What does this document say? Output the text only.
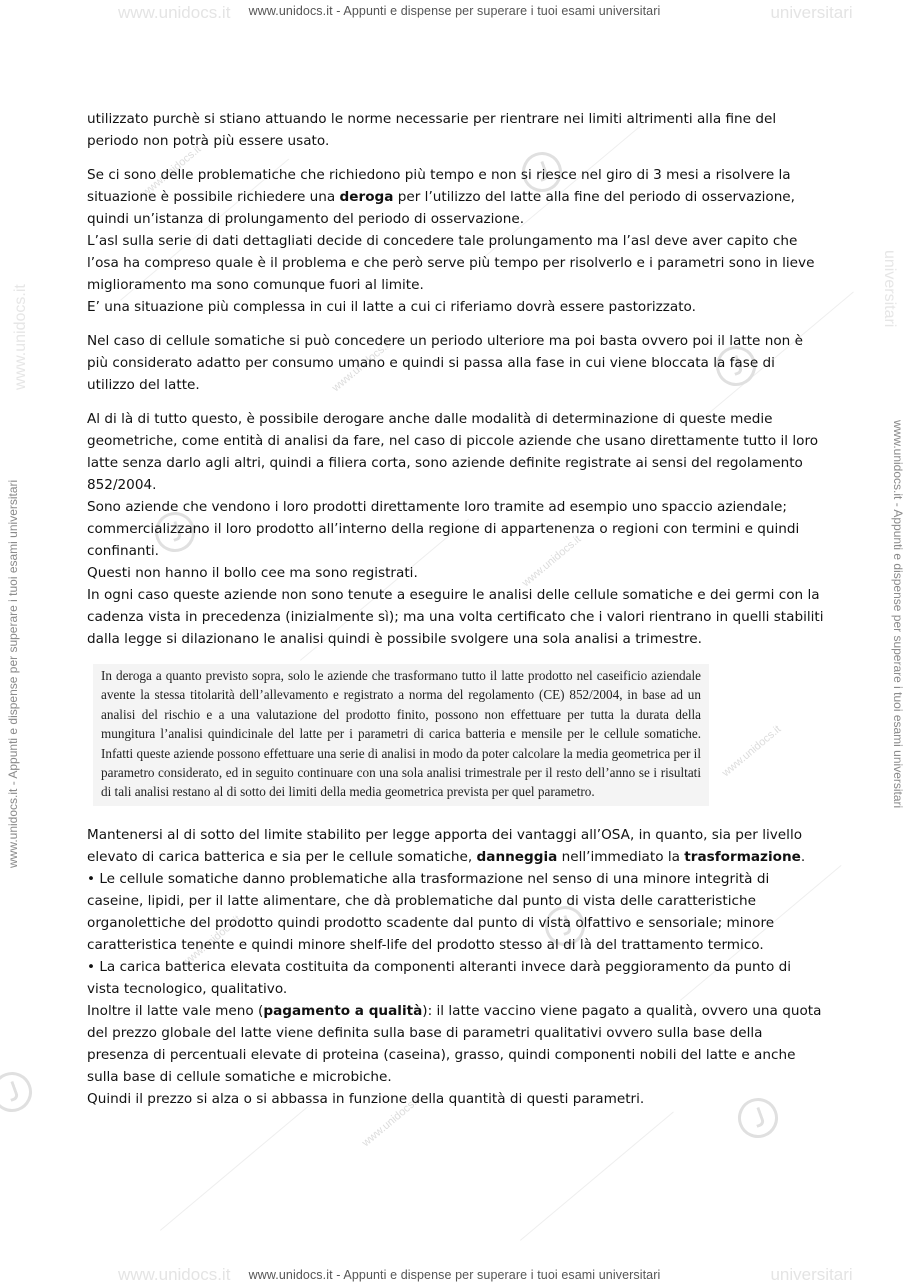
www.unidocs.it	universitari
www.unidocs.it - Appunti e dispense per superare i tuoi esami universitari
www.unidocs.it	universitari
www.unidocs.it - Appunti e dispense per superare i tuoi esami universitari
www.unidocs.it - Appunti e dispense per superare i tuoi esami universitari	www.unidocs.it - Appunti e dispense per superare i tuoi esami universitari
www.unidocs.it	universitari
www.unidocs.it
www.unidocs.it
www.unidocs.it
www.unidocs.it
www.unidocs.it
www.unidocs.it

utilizzato purchè si stiano attuando le norme necessarie per rientrare nei limiti altrimenti alla fine del periodo non potrà più essere usato.

Se ci sono delle problematiche che richiedono più tempo e non si riesce nel giro di 3 mesi a risolvere la situazione è possibile richiedere una deroga per l’utilizzo del latte alla fine del periodo di osservazione, quindi un’istanza di prolungamento del periodo di osservazione.
L’asl sulla serie di dati dettagliati decide di concedere tale prolungamento ma l’asl deve aver capito che l’osa ha compreso quale è il problema e che però serve più tempo per risolverlo e i parametri sono in lieve miglioramento ma sono comunque fuori al limite.
E’ una situazione più complessa in cui il latte a cui ci riferiamo dovrà essere pastorizzato.

Nel caso di cellule somatiche si può concedere un periodo ulteriore ma poi basta ovvero poi il latte non è più considerato adatto per consumo umano e quindi si passa alla fase in cui viene bloccata la fase di utilizzo del latte.

Al di là di tutto questo, è possibile derogare anche dalle modalità di determinazione di queste medie geometriche, come entità di analisi da fare, nel caso di piccole aziende che usano direttamente tutto il loro latte senza darlo agli altri, quindi a filiera corta, sono aziende definite registrate ai sensi del regolamento 852/2004.
Sono aziende che vendono i loro prodotti direttamente loro tramite ad esempio uno spaccio aziendale; commercializzano il loro prodotto all’interno della regione di appartenenza o regioni con termini e quindi confinanti.
Questi non hanno il bollo cee ma sono registrati.
In ogni caso queste aziende non sono tenute a eseguire le analisi delle cellule somatiche e dei germi con la cadenza vista in precedenza (inizialmente sì); ma una volta certificato che i valori rientrano in quelli stabiliti dalla legge si dilazionano le analisi quindi è possibile svolgere una sola analisi a trimestre.

In deroga a quanto previsto sopra, solo le aziende che trasformano tutto il latte prodotto nel caseificio aziendale avente la stessa titolarità dell’allevamento e registrato a norma del regolamento (CE) 852/2004, in base ad un analisi del rischio e a una valutazione del prodotto finito, possono non effettuare per tutta la durata della mungitura l’analisi quindicinale del latte per i parametri di carica batteria e mensile per le cellule somatiche. Infatti queste aziende possono effettuare una serie di analisi in modo da poter calcolare la media geometrica per il parametro considerato, ed in seguito continuare con una sola analisi trimestrale per il resto dell’anno se i risultati di tali analisi restano al di sotto dei limiti della media geometrica prevista per quel parametro.

Mantenersi al di sotto del limite stabilito per legge apporta dei vantaggi all’OSA, in quanto, sia per livello elevato di carica batterica e sia per le cellule somatiche, danneggia nell’immediato la trasformazione.
• Le cellule somatiche danno problematiche alla trasformazione nel senso di una minore integrità di caseine, lipidi, per il latte alimentare, che dà problematiche dal punto di vista delle caratteristiche organolettiche del prodotto quindi prodotto scadente dal punto di vista olfattivo e sensoriale; minore caratteristica tenente e quindi minore shelf-life del prodotto stesso al di là del trattamento termico.
• La carica batterica elevata costituita da componenti alteranti invece darà peggioramento da punto di vista tecnologico, qualitativo.
Inoltre il latte vale meno (pagamento a qualità): il latte vaccino viene pagato a qualità, ovvero una quota del prezzo globale del latte viene definita sulla base di parametri qualitativi ovvero sulla base della presenza di percentuali elevate di proteina (caseina), grasso, quindi componenti nobili del latte e anche sulla base di cellule somatiche e microbiche.
Quindi il prezzo si alza o si abbassa in funzione della quantità di questi parametri.
